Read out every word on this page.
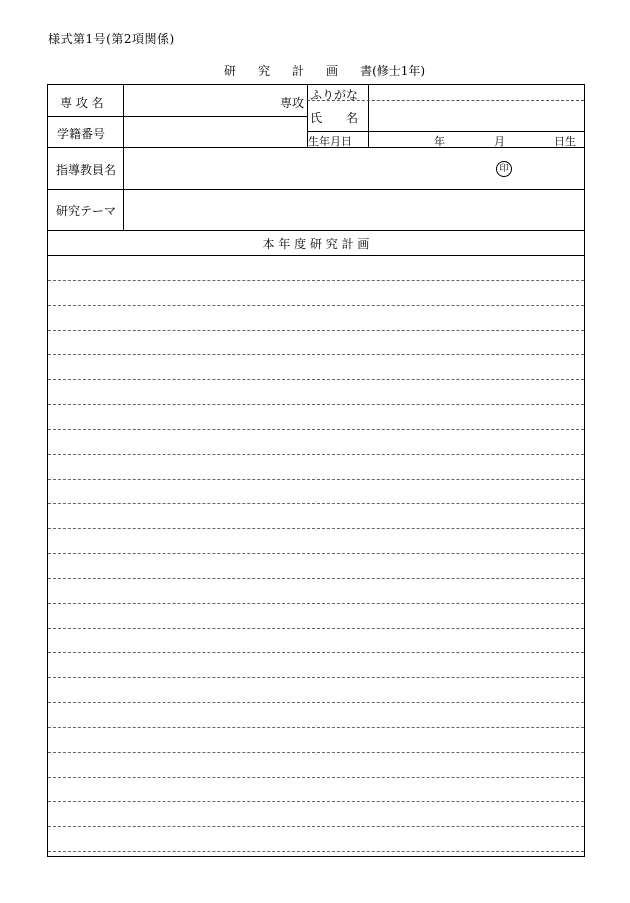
様式第1号(第2項関係)
研 究 計 画 書(修士1年)
専 攻 名	専攻
学籍番号
ふりがな
氏　　名
生年月日	年	月	日生
指導教員名	印
研究テーマ
本 年 度 研 究 計 画
